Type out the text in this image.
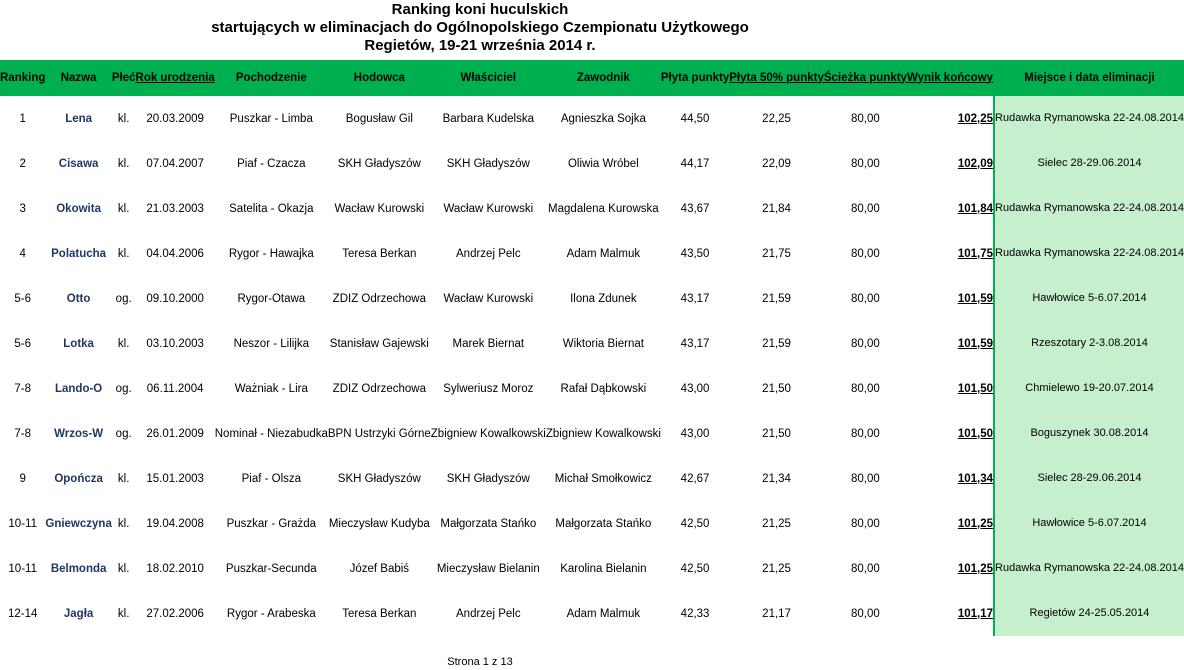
Ranking koni huculskich
startujących w eliminacjach do Ogólnopolskiego Czempionatu Użytkowego
Regietów, 19-21 września 2014 r.
Ranking	Nazwa	Płeć	Rok urodzenia	Pochodzenie	Hodowca	Właściciel	Zawodnik	Płyta punkty	Płyta 50% punkty	Ścieżka punkty	Wynik końcowy	Miejsce i data eliminacji
1	Lena	kl.	20.03.2009	Puszkar - Limba	Bogusław Gil	Barbara Kudelska	Agnieszka Sojka	44,50	22,25	80,00	102,25	Rudawka Rymanowska 22-24.08.2014
2	Cisawa	kl.	07.04.2007	Piaf - Czacza	SKH Gładyszów	SKH Gładyszów	Oliwia Wróbel	44,17	22,09	80,00	102,09	Sielec 28-29.06.2014
3	Okowita	kl.	21.03.2003	Satelita - Okazja	Wacław Kurowski	Wacław Kurowski	Magdalena Kurowska	43,67	21,84	80,00	101,84	Rudawka Rymanowska 22-24.08.2014
4	Polatucha	kl.	04.04.2006	Rygor - Hawajka	Teresa Berkan	Andrzej Pelc	Adam Malmuk	43,50	21,75	80,00	101,75	Rudawka Rymanowska 22-24.08.2014
5-6	Otto	og.	09.10.2000	Rygor-Otawa	ZDIZ Odrzechowa	Wacław Kurowski	Ilona Zdunek	43,17	21,59	80,00	101,59	Hawłowice 5-6.07.2014
5-6	Lotka	kl.	03.10.2003	Neszor - Lilijka	Stanisław Gajewski	Marek Biernat	Wiktoria Biernat	43,17	21,59	80,00	101,59	Rzeszotary 2-3.08.2014
7-8	Lando-O	og.	06.11.2004	Ważniak - Lira	ZDIZ Odrzechowa	Sylweriusz Moroz	Rafał Dąbkowski	43,00	21,50	80,00	101,50	Chmielewo 19-20.07.2014
7-8	Wrzos-W	og.	26.01.2009	Nominał - Niezabudka	BPN Ustrzyki Górne	Zbigniew Kowalkowski	Zbigniew Kowalkowski	43,00	21,50	80,00	101,50	Boguszynek 30.08.2014
9	Opończa	kl.	15.01.2003	Piaf - Olsza	SKH Gładyszów	SKH Gładyszów	Michał Smołkowicz	42,67	21,34	80,00	101,34	Sielec 28-29.06.2014
10-11	Gniewczyna	kl.	19.04.2008	Puszkar - Grażda	Mieczysław Kudyba	Małgorzata Stańko	Małgorzata Stańko	42,50	21,25	80,00	101,25	Hawłowice 5-6.07.2014
10-11	Belmonda	kl.	18.02.2010	Puszkar-Secunda	Józef Babiś	Mieczysław Bielanin	Karolina Bielanin	42,50	21,25	80,00	101,25	Rudawka Rymanowska 22-24.08.2014
12-14	Jagła	kl.	27.02.2006	Rygor - Arabeska	Teresa Berkan	Andrzej Pelc	Adam Malmuk	42,33	21,17	80,00	101,17	Regietów 24-25.05.2014
Strona 1 z 13
